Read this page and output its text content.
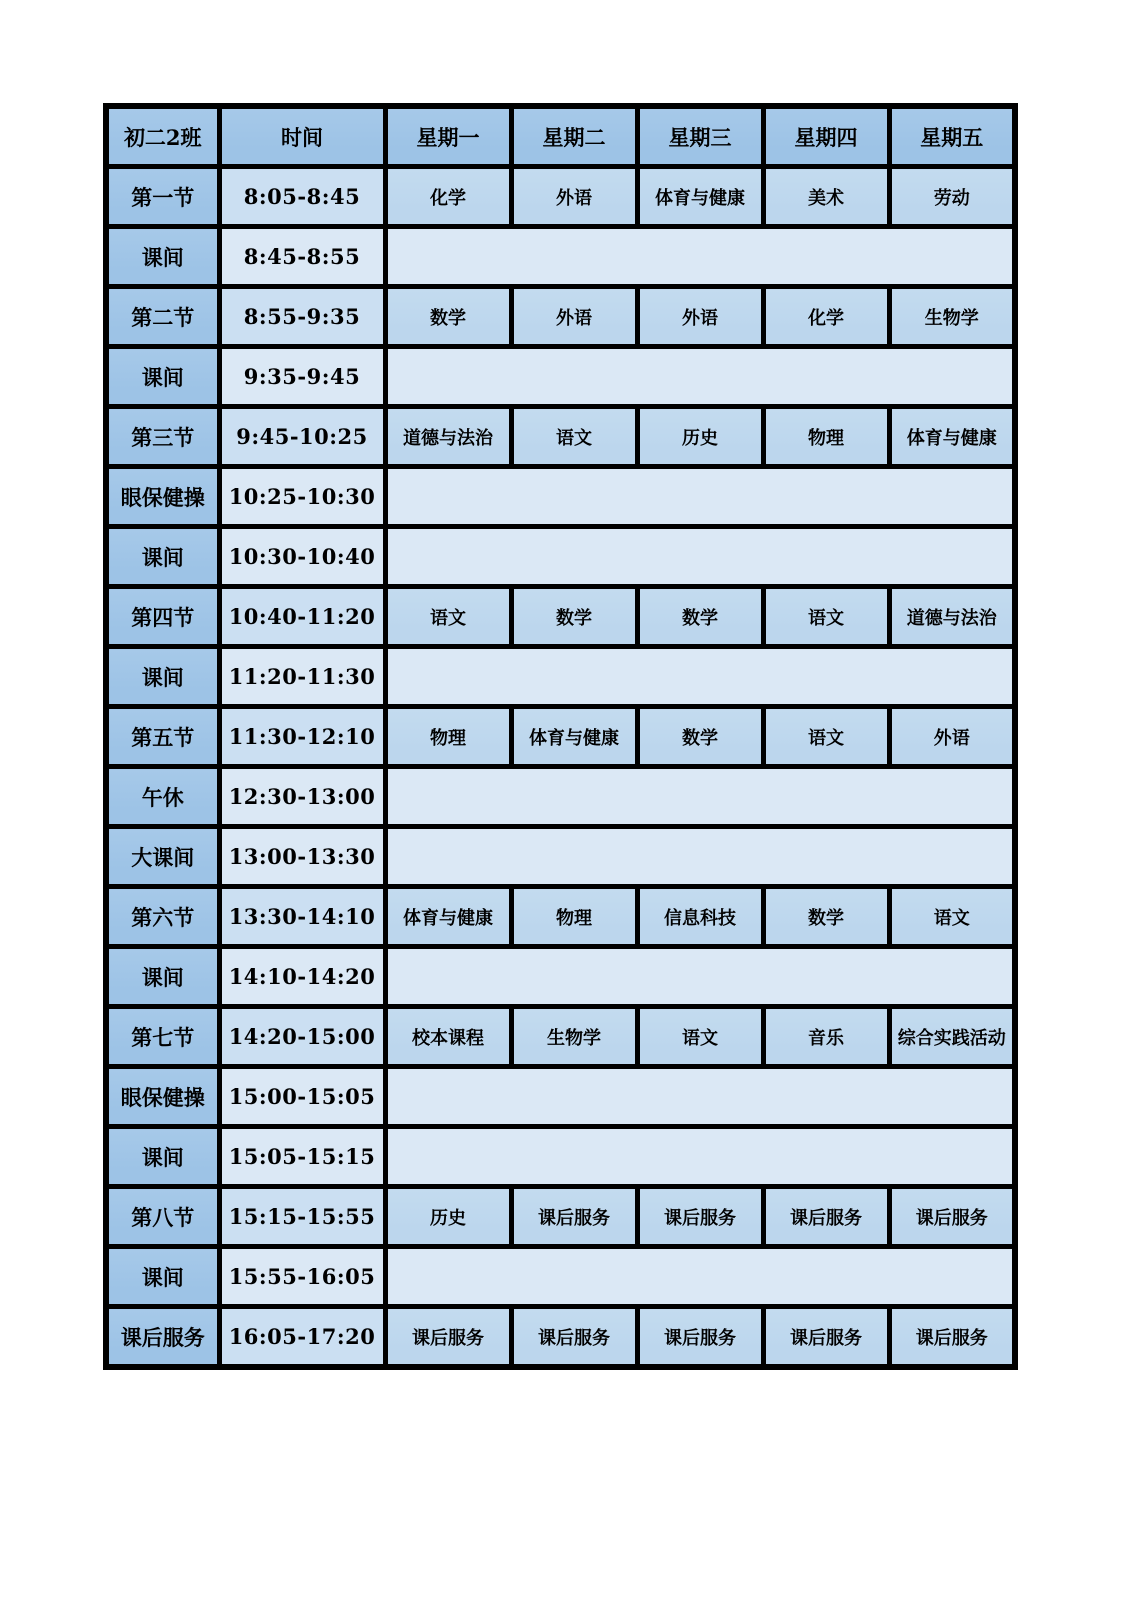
初二2班	时间	星期一	星期二	星期三	星期四	星期五
第一节	8:05-8:45	化学	外语	体育与健康	美术	劳动
课间	8:45-8:55					
第二节	8:55-9:35	数学	外语	外语	化学	生物学
课间	9:35-9:45					
第三节	9:45-10:25	道德与法治	语文	历史	物理	体育与健康
眼保健操	10:25-10:30					
课间	10:30-10:40					
第四节	10:40-11:20	语文	数学	数学	语文	道德与法治
课间	11:20-11:30					
第五节	11:30-12:10	物理	体育与健康	数学	语文	外语
午休	12:30-13:00					
大课间	13:00-13:30					
第六节	13:30-14:10	体育与健康	物理	信息科技	数学	语文
课间	14:10-14:20					
第七节	14:20-15:00	校本课程	生物学	语文	音乐	综合实践活动
眼保健操	15:00-15:05					
课间	15:05-15:15					
第八节	15:15-15:55	历史	课后服务	课后服务	课后服务	课后服务
课间	15:55-16:05					
课后服务	16:05-17:20	课后服务	课后服务	课后服务	课后服务	课后服务
